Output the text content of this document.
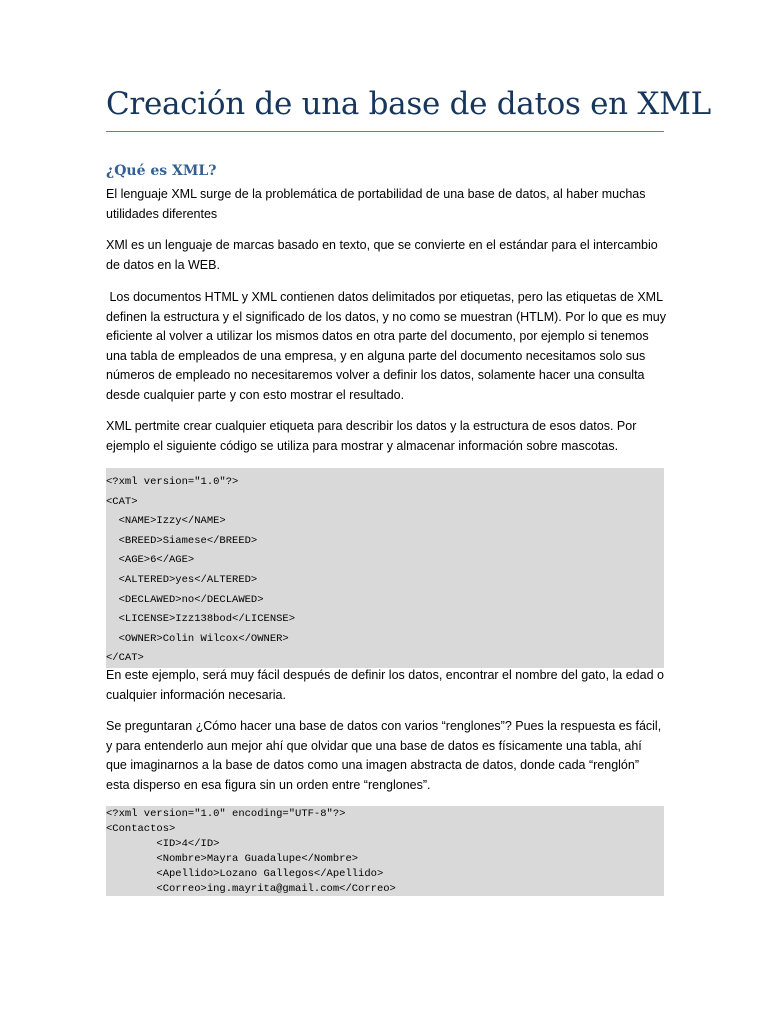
Creación de una base de datos en XML
¿Qué es XML?
El lenguaje XML surge de la problemática de portabilidad de una base de datos, al haber muchas utilidades diferentes
XMl es un lenguaje de marcas basado en texto, que se convierte en el estándar para el intercambio de datos en la WEB.
Los documentos HTML y XML contienen datos delimitados por etiquetas, pero las etiquetas de XML definen la estructura y el significado de los datos, y no como se muestran (HTLM). Por lo que es muy eficiente al volver a utilizar los mismos datos en otra parte del documento, por ejemplo si tenemos una tabla de empleados de una empresa, y en alguna parte del documento necesitamos solo sus números de empleado no necesitaremos volver a definir los datos, solamente hacer una consulta desde cualquier parte y con esto mostrar el resultado.
XML pertmite crear cualquier etiqueta para describir los datos y la estructura de esos datos. Por ejemplo el siguiente código se utiliza para mostrar y almacenar información sobre mascotas.
<?xml version="1.0"?>
<CAT>
<NAME>Izzy</NAME>
<BREED>Siamese</BREED>
<AGE>6</AGE>
<ALTERED>yes</ALTERED>
<DECLAWED>no</DECLAWED>
<LICENSE>Izz138bod</LICENSE>
<OWNER>Colin Wilcox</OWNER>
</CAT>
En este ejemplo, será muy fácil después de definir los datos, encontrar el nombre del gato, la edad o cualquier información necesaria.
Se preguntaran ¿Cómo hacer una base de datos con varios “renglones”? Pues la respuesta es fácil, y para entenderlo aun mejor ahí que olvidar que una base de datos es físicamente una tabla, ahí que imaginarnos a la base de datos como una imagen abstracta de datos, donde cada “renglón” esta disperso en esa figura sin un orden entre “renglones”.
<?xml version="1.0" encoding="UTF-8"?>
<Contactos>
<ID>4</ID>
<Nombre>Mayra Guadalupe</Nombre>
<Apellido>Lozano Gallegos</Apellido>
<Correo>ing.mayrita@gmail.com</Correo>
